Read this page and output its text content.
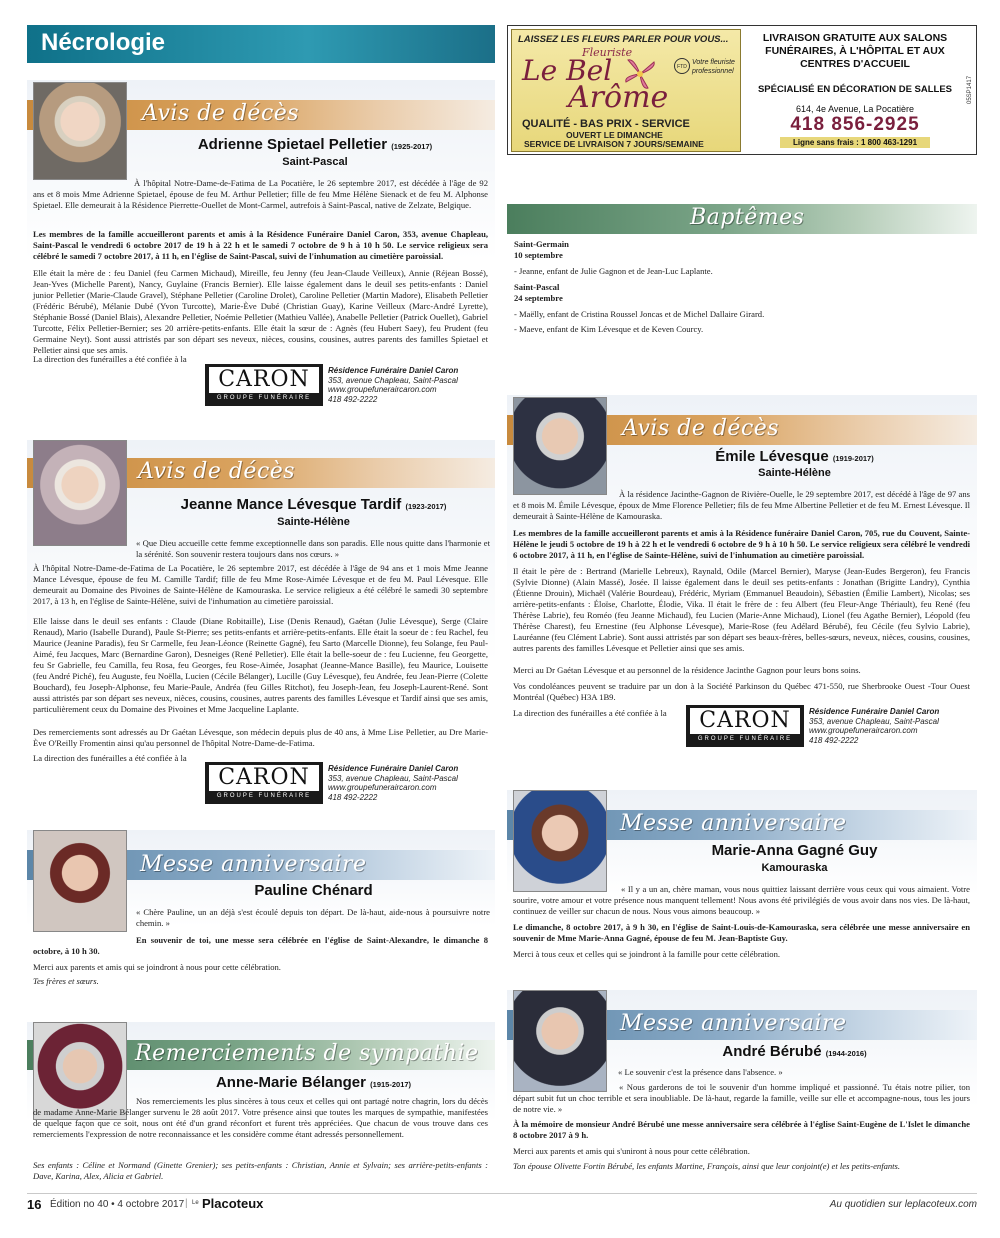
Nécrologie	LAISSEZ LES FLEURS PARLER POUR VOUS...
Fleuriste
Le Bel
Arôme
FTD
Votre fleuriste professionnel
QUALITÉ - BAS PRIX - SERVICE
OUVERT LE DIMANCHE
SERVICE DE LIVRAISON 7 JOURS/SEMAINE
LIVRAISON GRATUITE AUX SALONS FUNÉRAIRES, À L'HÔPITAL ET AUX CENTRES D'ACCUEIL
SPÉCIALISÉ EN DÉCORATION DE SALLES
614, 4e Avenue, La Pocatière
418 856-2925
Ligne sans frais : 1 800 463-1291
05SP1417
Avis de décès
Adrienne Spietael Pelletier (1925-2017)
Saint-Pascal

À l'hôpital Notre-Dame-de-Fatima de La Pocatière, le 26 septembre 2017, est décédée à l'âge de 92 ans et 8 mois Mme Adrienne Spietael, épouse de feu M. Arthur Pelletier; fille de feu Mme Hélène Sienack et de feu M. Alphonse Spietael. Elle demeurait à la Résidence Pierrette-Ouellet de Mont-Carmel, autrefois à Saint-Pascal, native de Zelzate, Belgique.

Les membres de la famille accueilleront parents et amis à la Résidence Funéraire Daniel Caron, 353, avenue Chapleau, Saint-Pascal le vendredi 6 octobre 2017 de 19 h à 22 h et le samedi 7 octobre de 9 h à 10 h 50. Le service religieux sera célébré le samedi 7 octobre 2017, à 11 h, en l'église de Saint-Pascal, suivi de l'inhumation au cimetière paroissial.

Elle était la mère de : feu Daniel (feu Carmen Michaud), Mireille, feu Jenny (feu Jean-Claude Veilleux), Annie (Réjean Bossé), Jean-Yves (Michelle Parent), Nancy, Guylaine (Francis Bernier). Elle laisse également dans le deuil ses petits-enfants : Daniel junior Pelletier (Marie-Claude Gravel), Stéphane Pelletier (Caroline Drolet), Caroline Pelletier (Martin Madore), Elisabeth Pelletier (Frédéric Bérubé), Mélanie Dubé (Yvon Turcotte), Marie-Ève Dubé (Christian Guay), Karine Veilleux (Marc-André Lyrette), Stéphanie Bossé (Daniel Blais), Alexandre Pelletier, Noémie Pelletier (Mathieu Vallée), Anabelle Pelletier (Patrick Ouellet), Gabriel Turcotte, Félix Pelletier-Bernier; ses 20 arrière-petits-enfants. Elle était la sœur de : Agnès (feu Hubert Saey), feu Prudent (feu Germaine Neyt). Sont aussi attristés par son départ ses neveux, nièces, cousins, cousines, autres parents des familles Spietael et Pelletier ainsi que ses amis.

La direction des funérailles a été confiée à la

CARON
GROUPE FUNÉRAIRE
Résidence Funéraire Daniel Caron
353, avenue Chapleau, Saint-Pascal
www.groupefuneraircaron.com
418 492-2222
Avis de décès
Jeanne Mance Lévesque Tardif (1923-2017)
Sainte-Hélène

« Que Dieu accueille cette femme exceptionnelle dans son paradis. Elle nous quitte dans l'harmonie et la sérénité. Son souvenir restera toujours dans nos cœurs. »

À l'hôpital Notre-Dame-de-Fatima de La Pocatière, le 26 septembre 2017, est décédée à l'âge de 94 ans et 1 mois Mme Jeanne Mance Lévesque, épouse de feu M. Camille Tardif; fille de feu Mme Rose-Aimée Lévesque et de feu M. Paul Lévesque. Elle demeurait au Domaine des Pivoines de Sainte-Hélène de Kamouraska. Le service religieux a été célébré le samedi 30 septembre 2017, à 13 h, en l'église de Sainte-Hélène, suivi de l'inhumation au cimetière paroissial.

Elle laisse dans le deuil ses enfants : Claude (Diane Robitaille), Lise (Denis Renaud), Gaétan (Julie Lévesque), Serge (Claire Renaud), Mario (Isabelle Durand), Paule St-Pierre; ses petits-enfants et arrière-petits-enfants. Elle était la soeur de : feu Rachel, feu Maurice (Jeanine Paradis), feu Sr Carmelle, feu Jean-Léonce (Reinette Gagné), feu Sarto (Marcelle Dionne), feu Solange, feu Paul-Aimé, feu Jacques, Marc (Bernardine Garon), Desneiges (René Pelletier). Elle était la belle-soeur de : feu Lucienne, feu Georgette, feu Sr Gabrielle, feu Camilla, feu Rosa, feu Georges, feu Rose-Aimée, Josaphat (Jeanne-Mance Basille), feu Maurice, Louisette (feu André Piché), feu Auguste, feu Noëlla, Lucien (Cécile Bélanger), Lucille (Guy Lévesque), feu Andrée, feu Jean-Pierre (Colette Bouchard), feu Joseph-Alphonse, feu Marie-Paule, Andréa (feu Gilles Ritchot), feu Joseph-Jean, feu Joseph-Laurent-René. Sont aussi attristés par son départ ses neveux, nièces, cousins, cousines, autres parents des familles Lévesque et Tardif ainsi que ses amis, particulièrement ceux du Domaine des Pivoines et Mme Jacqueline Laplante.

Des remerciements sont adressés au Dr Gaétan Lévesque, son médecin depuis plus de 40 ans, à Mme Lise Pelletier, au Dre Marie-Ève O'Reilly Fromentin ainsi qu'au personnel de l'hôpital Notre-Dame-de-Fatima.

La direction des funérailles a été confiée à la

CARON
GROUPE FUNÉRAIRE
Résidence Funéraire Daniel Caron
353, avenue Chapleau, Saint-Pascal
www.groupefuneraircaron.com
418 492-2222
Messe anniversaire
Pauline Chénard

« Chère Pauline, un an déjà s'est écoulé depuis ton départ. De là-haut, aide-nous à poursuivre notre chemin. »

En souvenir de toi, une messe sera célébrée en l'église de Saint-Alexandre, le dimanche 8 octobre, à 10 h 30.

Merci aux parents et amis qui se joindront à nous pour cette célébration.

Tes frères et sœurs.

Remerciements de sympathie
Anne-Marie Bélanger (1915-2017)

Nos remerciements les plus sincères à tous ceux et celles qui ont partagé notre chagrin, lors du décès de madame Anne-Marie Bélanger survenu le 28 août 2017. Votre présence ainsi que toutes les marques de sympathie, manifestées de quelque façon que ce soit, nous ont été d'un grand réconfort et furent très appréciées. Que chacun de vous trouve dans ces remerciements l'expression de notre reconnaissance et les considère comme étant adressés personnellement.

Ses enfants : Céline et Normand (Ginette Grenier); ses petits-enfants : Christian, Annie et Sylvain; ses arrière-petits-enfants : Dave, Karina, Alex, Alicia et Gabriel.

Baptêmes
Saint-Germain
10 septembre
- Jeanne, enfant de Julie Gagnon et de Jean-Luc Laplante.
Saint-Pascal
24 septembre
- Maëlly, enfant de Cristina Roussel Joncas et de Michel Dallaire Girard.
- Maeve, enfant de Kim Lévesque et de Keven Courcy.
Avis de décès
Émile Lévesque (1919-2017)
Sainte-Hélène

À la résidence Jacinthe-Gagnon de Rivière-Ouelle, le 29 septembre 2017, est décédé à l'âge de 97 ans et 8 mois M. Émile Lévesque, époux de Mme Florence Pelletier; fils de feu Mme Albertine Pelletier et de feu M. Ernest Lévesque. Il demeurait à Sainte-Hélène de Kamouraska.

Les membres de la famille accueilleront parents et amis à la Résidence funéraire Daniel Caron, 705, rue du Couvent, Sainte-Hélène le jeudi 5 octobre de 19 h à 22 h et le vendredi 6 octobre de 9 h à 10 h 50. Le service religieux sera célébré le vendredi 6 octobre 2017, à 11 h, en l'église de Sainte-Hélène, suivi de l'inhumation au cimetière paroissial.

Il était le père de : Bertrand (Marielle Lebreux), Raynald, Odile (Marcel Bernier), Maryse (Jean-Eudes Bergeron), feu Francis (Sylvie Dionne) (Alain Massé), Josée. Il laisse également dans le deuil ses petits-enfants : Jonathan (Brigitte Landry), Cynthia (Étienne Drouin), Michaël (Valérie Bourdeau), Frédéric, Myriam (Emmanuel Beaudoin), Sébastien (Émilie Lambert), Nicolas; ses arrière-petits-enfants : Éloïse, Charlotte, Élodie, Vika. Il était le frère de : feu Albert (feu Fleur-Ange Thériault), feu René (feu Thérèse Labrie), feu Roméo (feu Jeanne Michaud), feu Lucien (Marie-Anne Michaud), Lionel (feu Agathe Bernier), Léopold (feu Thérèse Charest), feu Ernestine (feu Alphonse Lévesque), Marie-Rose (feu Adélard Bérubé), feu Cécile (feu Sylvio Labrie), Lauréanne (feu Clément Labrie). Sont aussi attristés par son départ ses beaux-frères, belles-sœurs, neveux, nièces, cousins, cousines, autres parents des familles Lévesque et Pelletier ainsi que ses amis.

Merci au Dr Gaétan Lévesque et au personnel de la résidence Jacinthe Gagnon pour leurs bons soins.

Vos condoléances peuvent se traduire par un don à la Société Parkinson du Québec 471-550, rue Sherbrooke Ouest -Tour Ouest Montréal (Québec) H3A 1B9.

La direction des funérailles a été confiée à la	CARON
GROUPE FUNÉRAIRE
Résidence Funéraire Daniel Caron
353, avenue Chapleau, Saint-Pascal
www.groupefuneraircaron.com
418 492-2222
Messe anniversaire
Marie-Anna Gagné Guy
Kamouraska

« Il y a un an, chère maman, vous nous quittiez laissant derrière vous ceux qui vous aimaient. Votre sourire, votre amour et votre présence nous manquent tellement! Nous avons été privilégiés de vous avoir dans nos vies. De là-haut, continuez de veiller sur chacun de nous. Nous vous aimons beaucoup. »

Le dimanche, 8 octobre 2017, à 9 h 30, en l'église de Saint-Louis-de-Kamouraska, sera célébrée une messe anniversaire en souvenir de Mme Marie-Anna Gagné, épouse de feu M. Jean-Baptiste Guy.

Merci à tous ceux et celles qui se joindront à la famille pour cette célébration.

Messe anniversaire
André Bérubé (1944-2016)

« Le souvenir c'est la présence dans l'absence. »

« Nous garderons de toi le souvenir d'un homme impliqué et passionné. Tu étais notre pilier, ton départ subit fut un choc terrible et sera inoubliable. De là-haut, regarde la famille, veille sur elle et accompagne-nous, tous les jours de notre vie. »

À la mémoire de monsieur André Bérubé une messe anniversaire sera célébrée à l'église Saint-Eugène de L'Islet le dimanche 8 octobre 2017 à 9 h.

Merci aux parents et amis qui s'uniront à nous pour cette célébration.

Ton épouse Olivette Fortin Bérubé, les enfants Martine, François, ainsi que leur conjoint(e) et les petits-enfants.

16 Édition no 40 • 4 octobre 2017 | Le Placoteux	Au quotidien sur leplacoteux.com
